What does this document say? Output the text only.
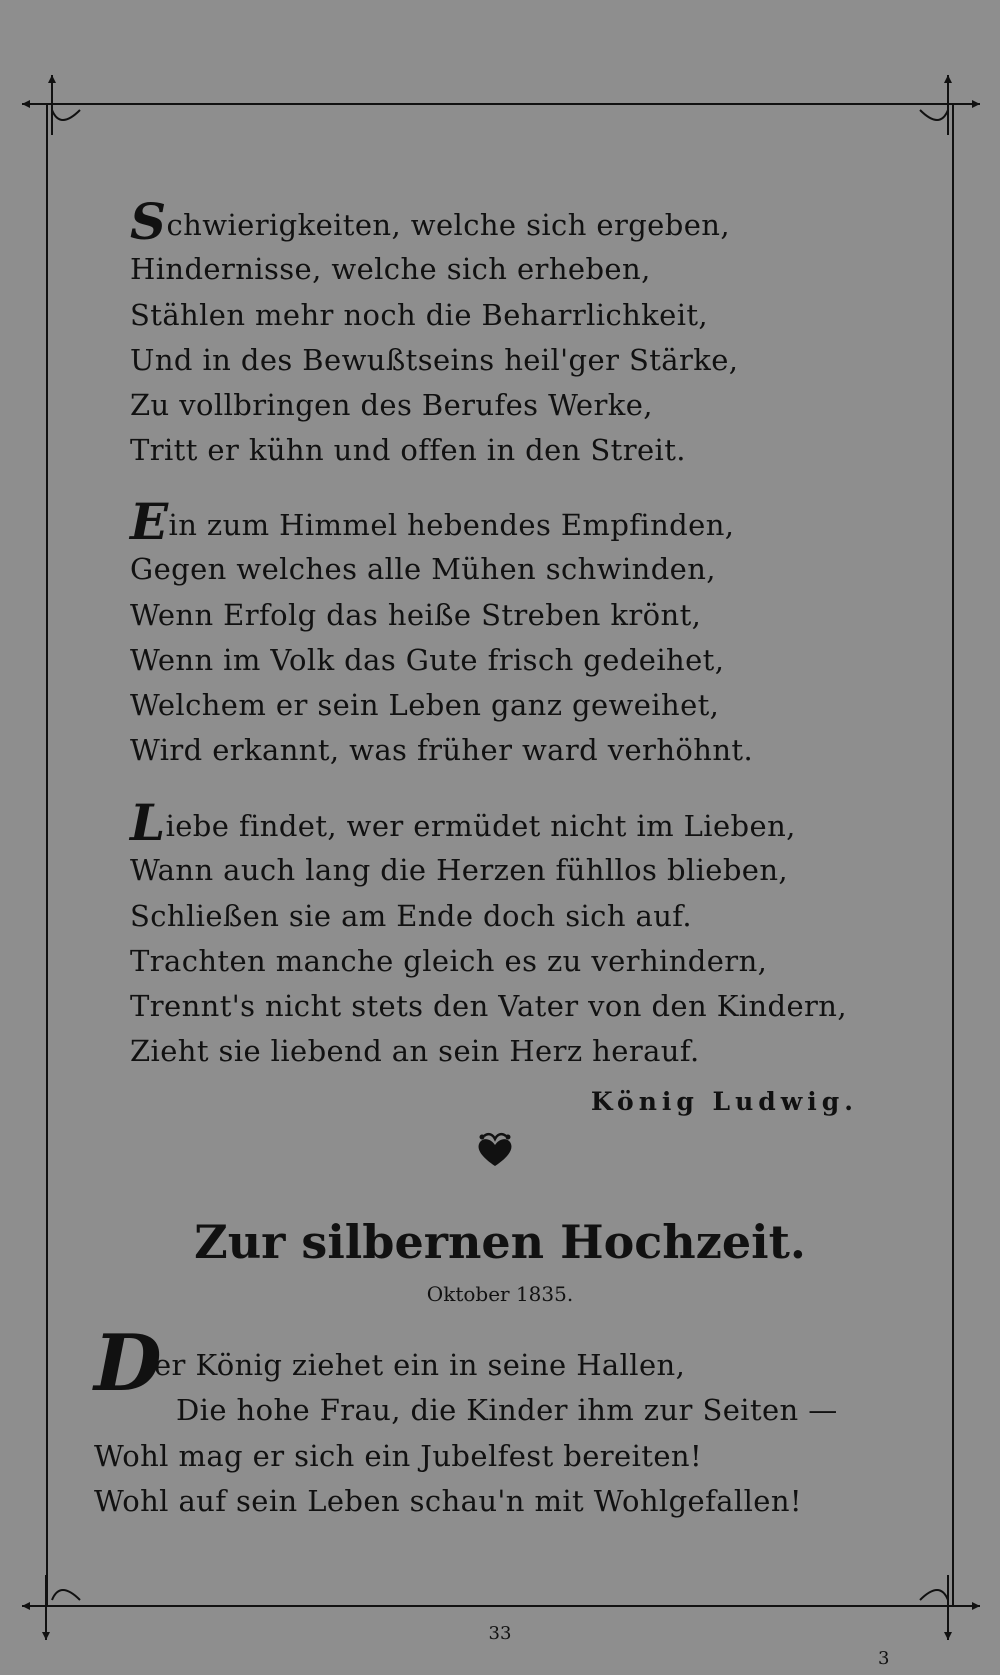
Schwierigkeiten, welche sich ergeben,
Hindernisse, welche sich erheben,
Stählen mehr noch die Beharrlichkeit,
Und in des Bewußtseins heil'ger Stärke,
Zu vollbringen des Berufes Werke,
Tritt er kühn und offen in den Streit.
Ein zum Himmel hebendes Empfinden,
Gegen welches alle Mühen schwinden,
Wenn Erfolg das heiße Streben krönt,
Wenn im Volk das Gute frisch gedeihet,
Welchem er sein Leben ganz geweihet,
Wird erkannt, was früher ward verhöhnt.
Liebe findet, wer ermüdet nicht im Lieben,
Wann auch lang die Herzen fühllos blieben,
Schließen sie am Ende doch sich auf.
Trachten manche gleich es zu verhindern,
Trennt's nicht stets den Vater von den Kindern,
Zieht sie liebend an sein Herz herauf.
König Ludwig.
Zur silbernen Hochzeit.
Oktober 1835.
D
er König ziehet ein in seine Hallen,
Die hohe Frau, die Kinder ihm zur Seiten —
Wohl mag er sich ein Jubelfest bereiten!
Wohl auf sein Leben schau'n mit Wohlgefallen!
33
3
